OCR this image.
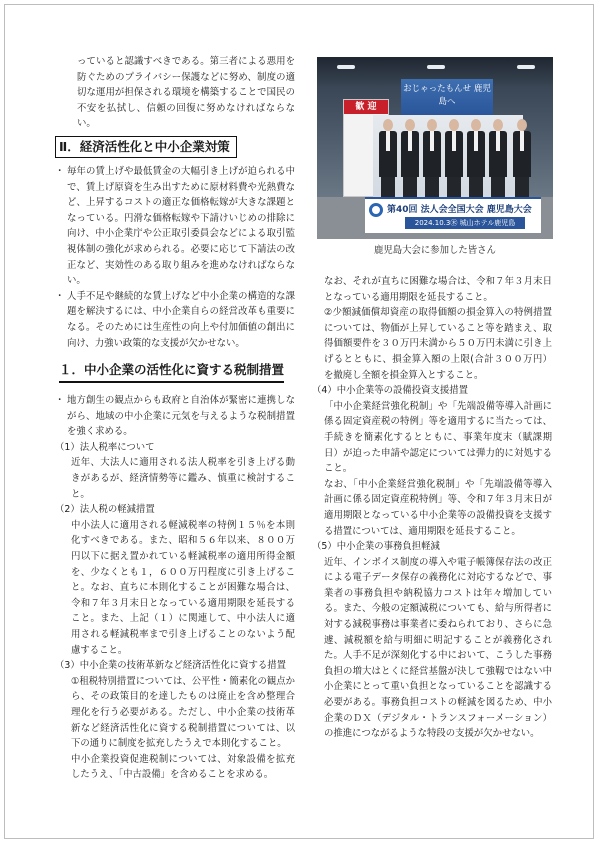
っていると認識すべきである。第三者による悪用を防ぐためのプライバシー保護などに努め、制度の適切な運用が担保される環境を構築することで国民の不安を払拭し、信頼の回復に努めなければならない。

Ⅱ．経済活性化と中小企業対策

・ 毎年の賃上げや最低賃金の大幅引き上げが迫られる中で、賃上げ原資を生み出すために原材料費や光熱費など、上昇するコストの適正な価格転嫁が大きな課題となっている。円滑な価格転嫁や下請けいじめの排除に向け、中小企業庁や公正取引委員会などによる取引監視体制の強化が求められる。必要に応じて下請法の改正など、実効性のある取り組みを進めなければならない。

・ 人手不足や継続的な賃上げなど中小企業の構造的な課題を解決するには、中小企業自らの経営改革も重要になる。そのためには生産性の向上や付加価値の創出に向け、力強い政策的な支援が欠かせない。

１．中小企業の活性化に資する税制措置

・ 地方創生の観点からも政府と自治体が緊密に連携しながら、地域の中小企業に元気を与えるような税制措置を強く求める。

（1）法人税率について

近年、大法人に適用される法人税率を引き上げる動きがあるが、経済情勢等に鑑み、慎重に検討すること。

（2）法人税の軽減措置

中小法人に適用される軽減税率の特例１５％を本則化すべきである。また、昭和５６年以来、８００万円以下に据え置かれている軽減税率の適用所得金額を、少なくとも１，６００万円程度に引き上げること。なお、直ちに本則化することが困難な場合は、令和７年３月末日となっている適用期限を延長すること。また、上記（１）に関連して、中小法人に適用される軽減税率まで引き上げることのないよう配慮すること。

（3）中小企業の技術革新など経済活性化に資する措置

①租税特別措置については、公平性・簡素化の観点から、その政策目的を達したものは廃止を含め整理合理化を行う必要がある。ただし、中小企業の技術革新など経済活性化に資する税制措置については、以下の通りに制度を拡充したうえで本則化すること。

中小企業投資促進税制については、対象設備を拡充したうえ、「中古設備」を含めることを求める。

歓 迎
おじゃったもんせ 鹿児島へ
第40回 法人会全国大会 鹿児島大会
2024.10.3㊍ 城山ホテル鹿児島
鹿児島大会に参加した皆さん

なお、それが直ちに困難な場合は、令和７年３月末日となっている適用期限を延長すること。

②少額減価償却資産の取得価額の損金算入の特例措置については、物価が上昇していること等を踏まえ、取得価額要件を３０万円未満から５０万円未満に引き上げるとともに、損金算入額の上限(合計３００万円）を撤廃し全額を損金算入とすること。

（4）中小企業等の設備投資支援措置

「中小企業経営強化税制」や「先端設備等導入計画に係る固定資産税の特例」等を適用するに当たっては、手続きを簡素化するとともに、事業年度末（賦課期日）が迫った申請や認定については弾力的に対処すること。

なお、「中小企業経営強化税制」や「先端設備等導入計画に係る固定資産税特例」等、令和７年３月末日が適用期限となっている中小企業等の設備投資を支援する措置については、適用期限を延長すること。

（5）中小企業の事務負担軽減

近年、インボイス制度の導入や電子帳簿保存法の改正による電子データ保存の義務化に対応するなどで、事業者の事務負担や納税協力コストは年々増加している。また、今般の定額減税についても、給与所得者に対する減税事務は事業者に委ねられており、さらに急遽、減税額を給与明細に明記することが義務化された。人手不足が深刻化する中において、こうした事務負担の増大はとくに経営基盤が決して強靱ではない中小企業にとって重い負担となっていることを認識する必要がある。事務負担コストの軽減を図るため、中小企業のＤＸ（デジタル・トランスフォーメーション）の推進につながるような特段の支援が欠かせない。
